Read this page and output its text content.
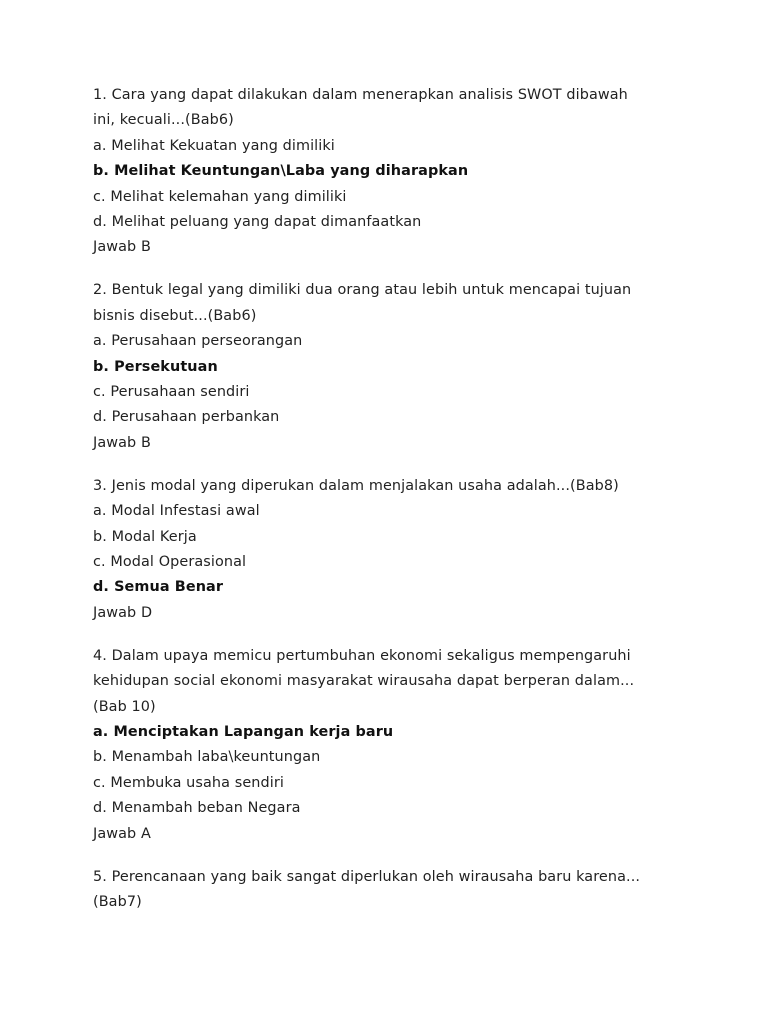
1. Cara yang dapat dilakukan dalam menerapkan analisis SWOT dibawah
ini, kecuali...(Bab6)
a. Melihat Kekuatan yang dimiliki
b. Melihat Keuntungan\Laba yang diharapkan
c. Melihat kelemahan yang dimiliki
d. Melihat peluang yang dapat dimanfaatkan
Jawab B
2. Bentuk legal yang dimiliki dua orang atau lebih untuk mencapai tujuan
bisnis disebut...(Bab6)
a. Perusahaan perseorangan
b. Persekutuan
c. Perusahaan sendiri
d. Perusahaan perbankan
Jawab B
3. Jenis modal yang diperukan dalam menjalakan usaha adalah...(Bab8)
a. Modal Infestasi awal
b. Modal Kerja
c. Modal Operasional
d. Semua Benar
Jawab D
4. Dalam upaya memicu pertumbuhan ekonomi sekaligus mempengaruhi
kehidupan social ekonomi masyarakat wirausaha dapat berperan dalam...
(Bab 10)
a. Menciptakan Lapangan kerja baru
b. Menambah laba\keuntungan
c. Membuka usaha sendiri
d. Menambah beban Negara
Jawab A
5. Perencanaan yang baik sangat diperlukan oleh wirausaha baru karena...
(Bab7)
